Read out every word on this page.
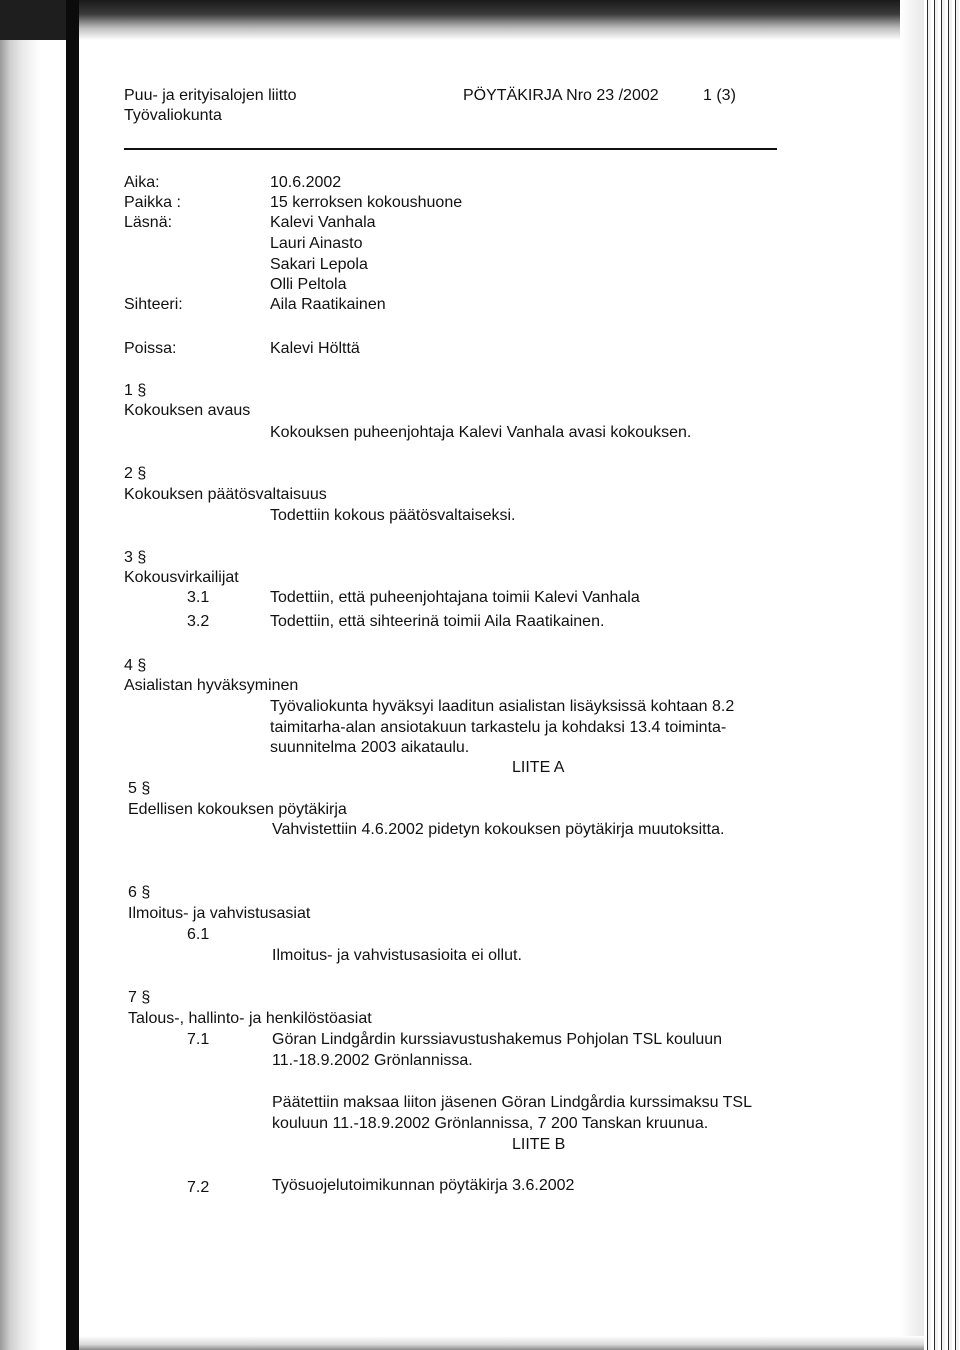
Puu- ja erityisalojen liitto	PÖYTÄKIRJA Nro 23 /2002	1 (3)
Työvaliokunta
Aika:	10.6.2002
Paikka :	15 kerroksen kokoushuone
Läsnä:	Kalevi Vanhala
Lauri Ainasto
Sakari Lepola
Olli Peltola
Sihteeri:	Aila Raatikainen
Poissa:	Kalevi Hölttä
1 §
Kokouksen avaus
Kokouksen puheenjohtaja Kalevi Vanhala avasi kokouksen.
2 §
Kokouksen päätösvaltaisuus
Todettiin kokous päätösvaltaiseksi.
3 §
Kokousvirkailijat
3.1	Todettiin, että puheenjohtajana toimii Kalevi Vanhala
3.2	Todettiin, että sihteerinä toimii Aila Raatikainen.
4 §
Asialistan hyväksyminen
Työvaliokunta hyväksyi laaditun asialistan lisäyksissä kohtaan 8.2
taimitarha-alan ansiotakuun tarkastelu ja kohdaksi 13.4 toiminta-
suunnitelma 2003 aikataulu.
LIITE A
5 §
Edellisen kokouksen pöytäkirja
Vahvistettiin 4.6.2002 pidetyn kokouksen pöytäkirja muutoksitta.
6 §
Ilmoitus- ja vahvistusasiat
6.1
Ilmoitus- ja vahvistusasioita ei ollut.
7 §
Talous-, hallinto- ja henkilöstöasiat
7.1	Göran Lindgårdin kurssiavustushakemus Pohjolan TSL kouluun
11.-18.9.2002 Grönlannissa.
Päätettiin maksaa liiton jäsenen Göran Lindgårdia kurssimaksu TSL
kouluun 11.-18.9.2002 Grönlannissa, 7 200 Tanskan kruunua.
LIITE B
7.2	Työsuojelutoimikunnan pöytäkirja 3.6.2002
